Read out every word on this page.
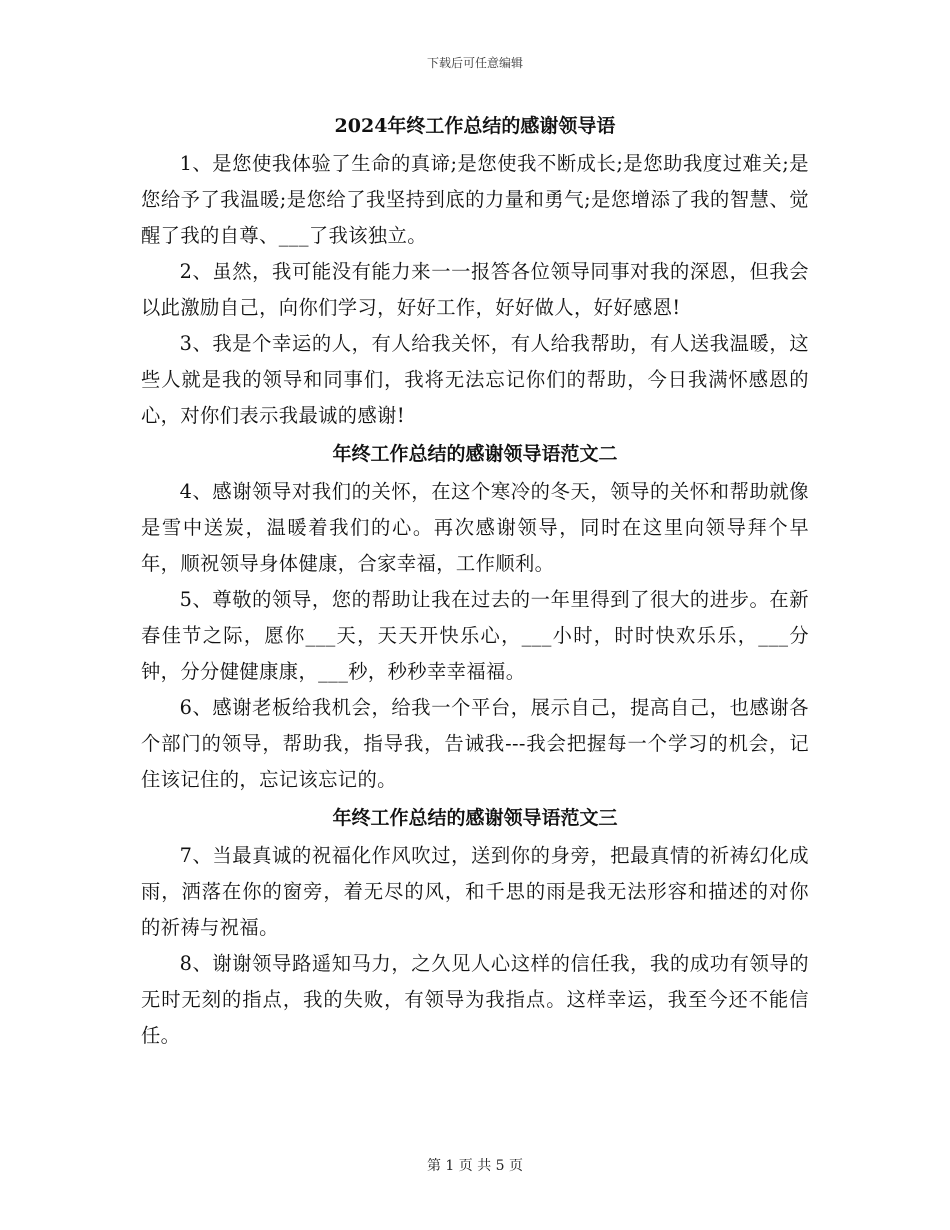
下载后可任意编辑
2024年终工作总结的感谢领导语

1、是您使我体验了生命的真谛;是您使我不断成长;是您助我度过难关;是您给予了我温暖;是您给了我坚持到底的力量和勇气;是您增添了我的智慧、觉醒了我的自尊、___了我该独立。

2、虽然，我可能没有能力来一一报答各位领导同事对我的深恩，但我会以此激励自己，向你们学习，好好工作，好好做人，好好感恩!

3、我是个幸运的人，有人给我关怀，有人给我帮助，有人送我温暖，这些人就是我的领导和同事们，我将无法忘记你们的帮助，今日我满怀感恩的心，对你们表示我最诚的感谢!

年终工作总结的感谢领导语范文二

4、感谢领导对我们的关怀，在这个寒冷的冬天，领导的关怀和帮助就像是雪中送炭，温暖着我们的心。再次感谢领导，同时在这里向领导拜个早年，顺祝领导身体健康，合家幸福，工作顺利。

5、尊敬的领导，您的帮助让我在过去的一年里得到了很大的进步。在新春佳节之际，愿你___天，天天开快乐心，___小时，时时快欢乐乐，___分钟，分分健健康康，___秒，秒秒幸幸福福。

6、感谢老板给我机会，给我一个平台，展示自己，提高自己，也感谢各个部门的领导，帮助我，指导我，告诫我---我会把握每一个学习的机会，记住该记住的，忘记该忘记的。

年终工作总结的感谢领导语范文三

7、当最真诚的祝福化作风吹过，送到你的身旁，把最真情的祈祷幻化成雨，洒落在你的窗旁，着无尽的风，和千思的雨是我无法形容和描述的对你的祈祷与祝福。

8、谢谢领导路遥知马力，之久见人心这样的信任我，我的成功有领导的无时无刻的指点，我的失败，有领导为我指点。这样幸运，我至今还不能信任。

第 1 页 共 5 页
